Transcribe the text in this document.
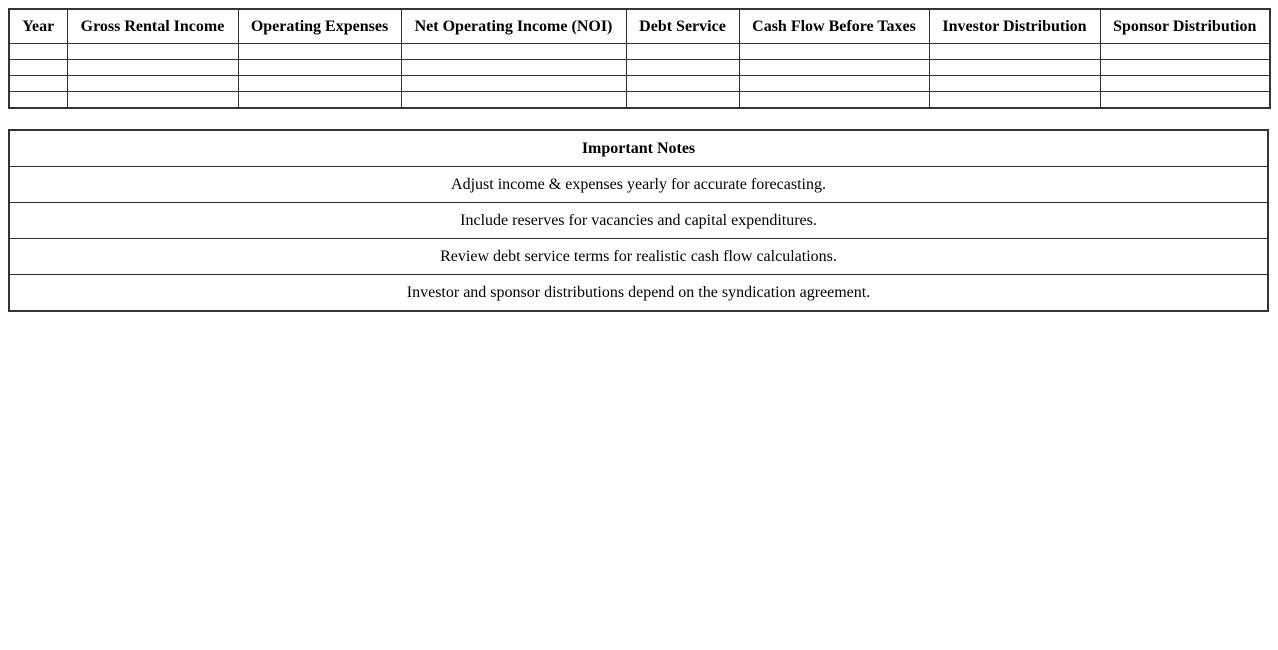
Year	Gross Rental Income	Operating Expenses	Net Operating Income (NOI)	Debt Service	Cash Flow Before Taxes	Investor Distribution	Sponsor Distribution

Important Notes
Adjust income & expenses yearly for accurate forecasting.
Include reserves for vacancies and capital expenditures.
Review debt service terms for realistic cash flow calculations.
Investor and sponsor distributions depend on the syndication agreement.
